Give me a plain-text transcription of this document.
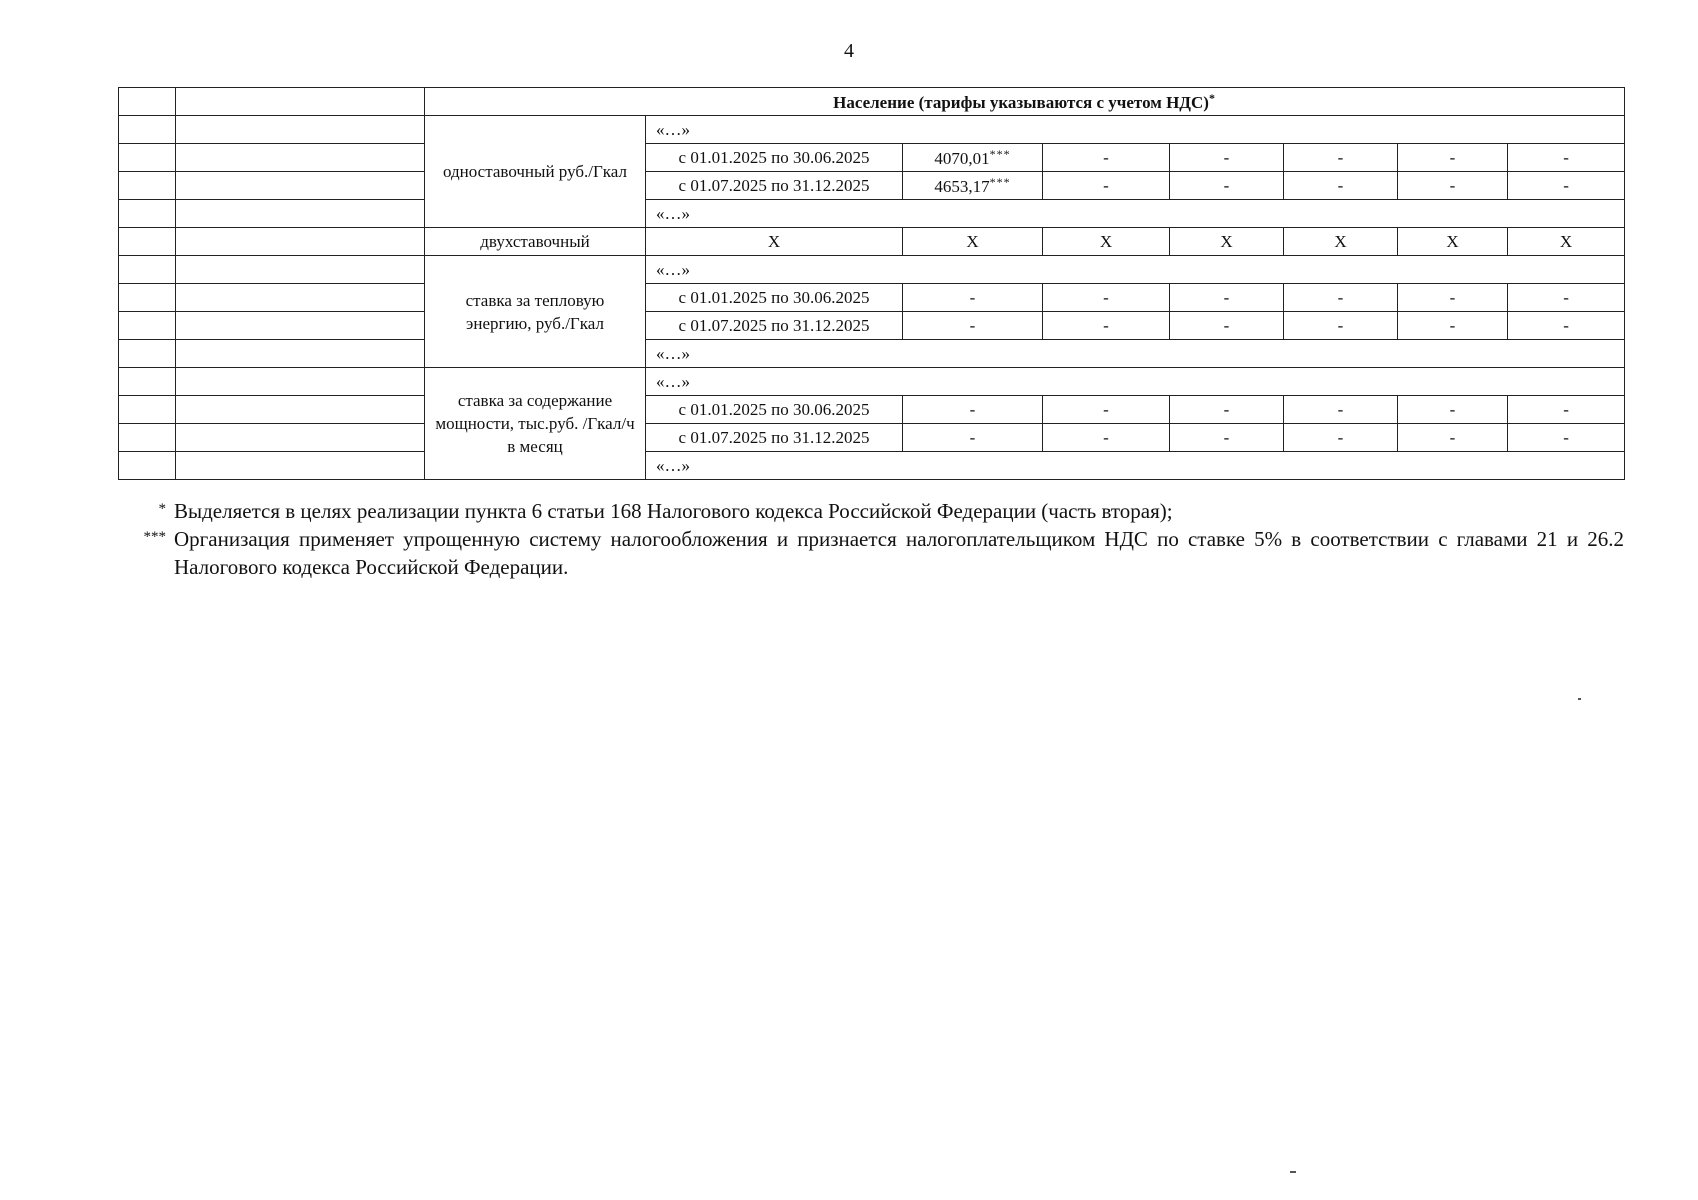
4
		Население (тарифы указываются с учетом НДС)*
		одноставочный руб./Гкал	«…»						
			с 01.01.2025 по 30.06.2025	4070,01***	-	-	-	-	-
			с 01.07.2025 по 31.12.2025	4653,17***	-	-	-	-	-
			«…»						
		двухставочный	X	X	X	X	X	X	X
		ставка за тепловую энергию, руб./Гкал	«…»						
			с 01.01.2025 по 30.06.2025	-	-	-	-	-	-
			с 01.07.2025 по 31.12.2025	-	-	-	-	-	-
			«…»						
		ставка за содержание мощности, тыс.руб. /Гкал/ч в месяц	«…»						
			с 01.01.2025 по 30.06.2025	-	-	-	-	-	-
			с 01.07.2025 по 31.12.2025	-	-	-	-	-	-
			«…»						
* Выделяется в целях реализации пункта 6 статьи 168 Налогового кодекса Российской Федерации (часть вторая);
*** Организация применяет упрощенную систему налогообложения и признается налогоплательщиком НДС по ставке 5% в соответствии с главами 21 и 26.2 Налогового кодекса Российской Федерации.
